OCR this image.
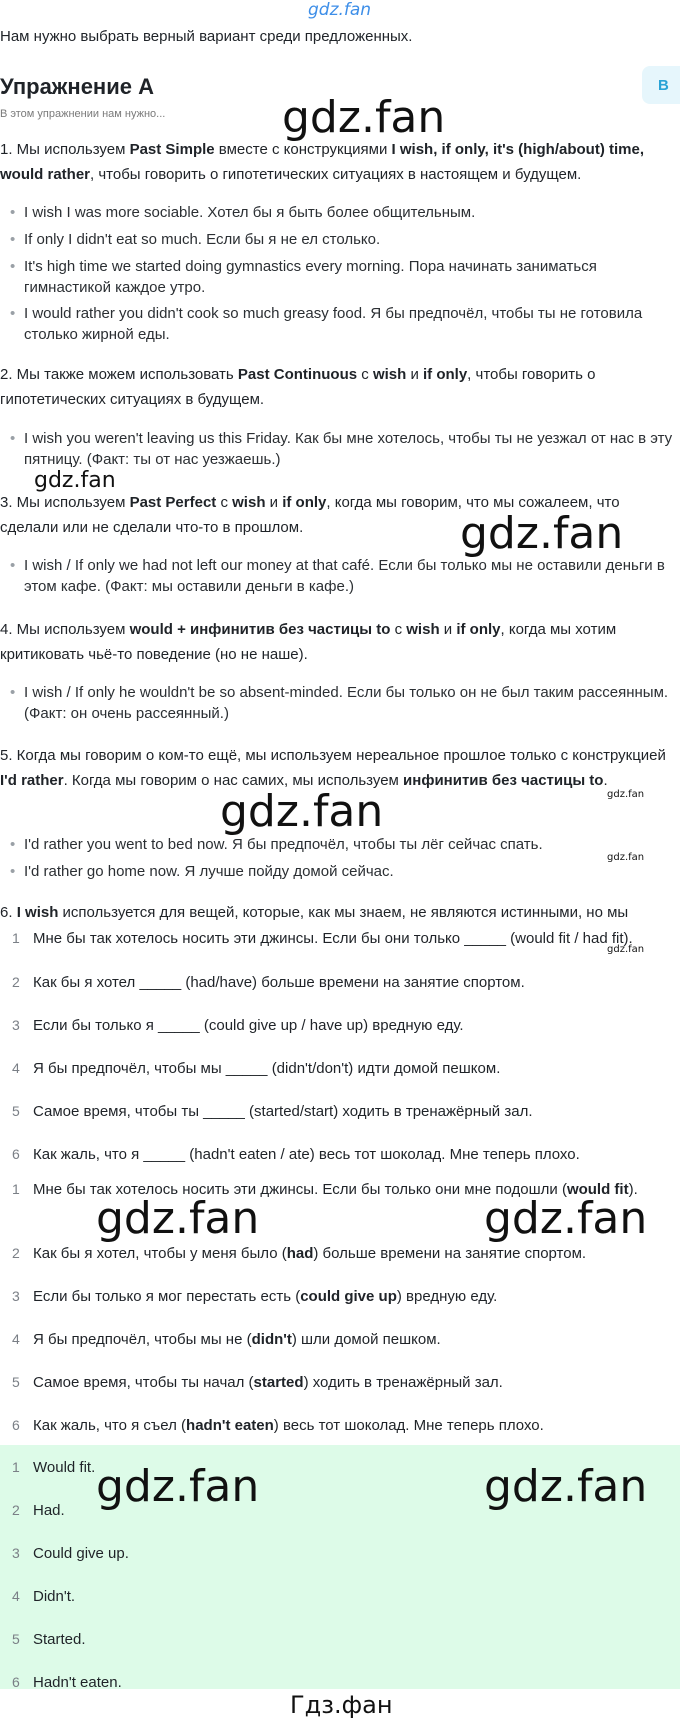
gdz.fan
Нам нужно выбрать верный вариант среди предложенных.
Упражнение А	В
В этом упражнении нам нужно...
1. Мы используем Past Simple вместе с конструкциями I wish, if only, it's (high/about) time, would rather, чтобы говорить о гипотетических ситуациях в настоящем и будущем.
• I wish I was more sociable. Хотел бы я быть более общительным.
• If only I didn't eat so much. Если бы я не ел столько.
• It's high time we started doing gymnastics every morning. Пора начинать заниматься гимнастикой каждое утро.
• I would rather you didn't cook so much greasy food. Я бы предпочёл, чтобы ты не готовила столько жирной еды.
2. Мы также можем использовать Past Continuous с wish и if only, чтобы говорить о гипотетических ситуациях в будущем.
• I wish you weren't leaving us this Friday. Как бы мне хотелось, чтобы ты не уезжал от нас в эту пятницу. (Факт: ты от нас уезжаешь.)
3. Мы используем Past Perfect с wish и if only, когда мы говорим, что мы сожалеем, что сделали или не сделали что-то в прошлом.
• I wish / If only we had not left our money at that café. Если бы только мы не оставили деньги в этом кафе. (Факт: мы оставили деньги в кафе.)
4. Мы используем would + инфинитив без частицы to с wish и if only, когда мы хотим критиковать чьё-то поведение (но не наше).
• I wish / If only he wouldn't be so absent-minded. Если бы только он не был таким рассеянным. (Факт: он очень рассеянный.)
5. Когда мы говорим о ком-то ещё, мы используем нереальное прошлое только с конструкцией I'd rather. Когда мы говорим о нас самих, мы используем инфинитив без частицы to.
• I'd rather you went to bed now. Я бы предпочёл, чтобы ты лёг сейчас спать.
• I'd rather go home now. Я лучше пойду домой сейчас.
6. I wish используется для вещей, которые, как мы знаем, не являются истинными, но мы
1 Мне бы так хотелось носить эти джинсы. Если бы они только _____ (would fit / had fit).
2 Как бы я хотел _____ (had/have) больше времени на занятие спортом.
3 Если бы только я _____ (could give up / have up) вредную еду.
4 Я бы предпочёл, чтобы мы _____ (didn't/don't) идти домой пешком.
5 Самое время, чтобы ты _____ (started/start) ходить в тренажёрный зал.
6 Как жаль, что я _____ (hadn't eaten / ate) весь тот шоколад. Мне теперь плохо.
1 Мне бы так хотелось носить эти джинсы. Если бы только они мне подошли (would fit).
2 Как бы я хотел, чтобы у меня было (had) больше времени на занятие спортом.
3 Если бы только я мог перестать есть (could give up) вредную еду.
4 Я бы предпочёл, чтобы мы не (didn't) шли домой пешком.
5 Самое время, чтобы ты начал (started) ходить в тренажёрный зал.
6 Как жаль, что я съел (hadn't eaten) весь тот шоколад. Мне теперь плохо.
1 Would fit.
2 Had.
3 Could give up.
4 Didn't.
5 Started.
6 Hadn't eaten.
gdz.fan
gdz.fan
gdz.fan
gdz.fan	gdz.fan
gdz.fan
gdz.fan
gdz.fan	gdz.fan
gdz.fan	gdz.fan
Гдз.фан
